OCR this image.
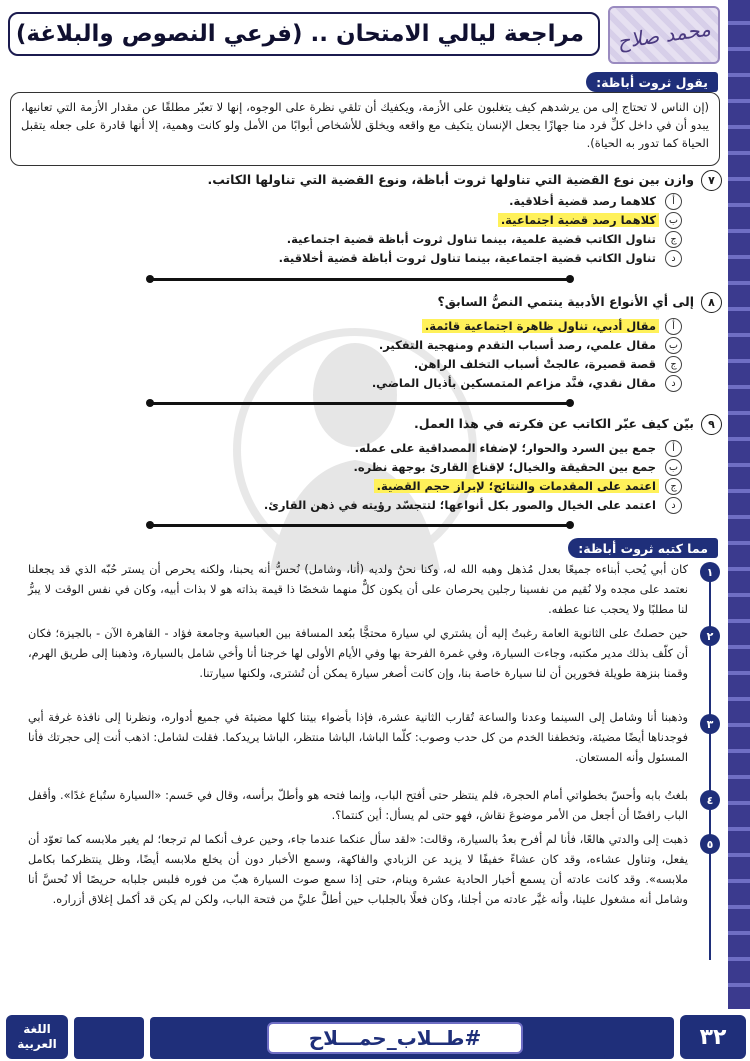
مراجعة ليالي الامتحان .. (فرعي النصوص والبلاغة) محمد صلاح
يقول ثروت أباظة:
(إن الناس لا تحتاج إلى من يرشدهم كيف يتغلبون على الأزمة، ويكفيك أن تلقي نظرة على الوجوه، إنها لا تعبّر مطلقًا عن مقدار الأزمة التي تعانيها، يبدو أن في داخل كلِّ فرد منا جهازًا يجعل الإنسان يتكيف مع واقعه ويخلق للأشخاص أبوابًا من الأمل ولو كانت وهمية، إلا أنها قادرة على جعله يتقبل الحياة كما تدور به الحياة).
٧
وازن بين نوع القضية التي تناولها ثروت أباظة، ونوع القضية التي تناولها الكاتب.
أ
كلاهما رصد قضية أخلاقية.
ب
كلاهما رصد قضية اجتماعية.
ج
تناول الكاتب قضية علمية، بينما تناول ثروت أباظة قضية اجتماعية.
د
تناول الكاتب قضية اجتماعية، بينما تناول ثروت أباظة قضية أخلاقية.
٨
إلى أي الأنواع الأدبية ينتمي النصُّ السابق؟
أ
مقال أدبي، تناول ظاهرة اجتماعية قائمة.
ب
مقال علمي، رصد أسباب التقدم ومنهجية التفكير.
ج
قصة قصيرة، عالجتْ أسباب التخلف الراهن.
د
مقال نقدي، فنَّد مزاعم المتمسكين بأذيال الماضي.
٩
بيّن كيف عبّر الكاتب عن فكرته في هذا العمل.
أ
جمع بين السرد والحوار؛ لإضفاء المصداقية على عمله.
ب
جمع بين الحقيقة والخيال؛ لإقناع القارئ بوجهة نظره.
ج
اعتمد على المقدمات والنتائج؛ لإبراز حجم القضية.
د
اعتمد على الخيال والصور بكل أنواعها؛ لتتجسّد رؤيته في ذهن القارئ.
مما كتبه ثروت أباظة:
١
كان أبي يُحب أبناءه جميعًا بعدل مُذهل وهبه الله له، وكنا نحنُ ولديه (أنا، وشامل) نُحسُّ أنه يحبنا، ولكنه يحرص أن يستر حُبّه الذي قد يجعلنا نعتمد على مجده ولا نُقيم من نفسينا رجلين يحرصان على أن يكون كلٌّ منهما شخصًا ذا قيمة بذاته هو لا بذات أبيه، وكان في نفس الوقت لا يبرُّ لنا مطلبًا ولا يحجب عنا عطفه.
٢
حين حصلتُ على الثانوية العامة رغبتُ إليه أن يشتري لي سيارة محتجًّا ببُعد المسافة بين العباسية وجامعة فؤاد - القاهرة الآن - بالجيزة؛ فكان أن كلّف بذلك مدير مكتبه، وجاءت السيارة، وفي غمرة الفرحة بها وفي الأيام الأولى لها خرجنا أنا وأخي شامل بالسيارة، وذهبنا إلى طريق الهرم، وقمنا بنزهة طويلة فخورين أن لنا سيارة خاصة بنا، وإن كانت أصغر سيارة يمكن أن تُشترى، ولكنها سيارتنا.
٣
وذهبنا أنا وشامل إلى السينما وعدنا والساعة تُقارب الثانية عشرة، فإذا بأضواء بيتنا كلها مضيئة في جميع أدواره، ونظرنا إلى نافذة غرفة أبي فوجدناها أيضًا مضيئة، وتخطفنا الخدم من كل حدب وصوب: كلّما الباشا، الباشا منتظر، الباشا يريدكما. فقلت لشامل: اذهب أنت إلى حجرتك فأنا المسئول وأنه المستعان.
٤
بلغتُ بابه وأحسّ بخطواتي أمام الحجرة، فلم ينتظر حتى أفتح الباب، وإنما فتحه هو وأطلّ برأسه، وقال في حَسم: «السيارة ستُباع غدًا». وأقفل الباب رافضًا أن أجعل من الأمر موضوعَ نقاش، فهو حتى لم يسأل: أين كنتما؟.
٥
ذهبت إلى والدتي هالعًا، فأنا لم أفرح بعدُ بالسيارة، وقالت: «لقد سأل عنكما عندما جاء، وحين عرف أنكما لم ترجعا؛ لم يغير ملابسه كما تعوّد أن يفعل، وتناول عشاءه، وقد كان عشاءً خفيفًا لا يزيد عن الزبادي والفاكهة، وسمع الأخبار دون أن يخلع ملابسه أيضًا، وظل ينتظركما بكامل ملابسه». وقد كانت عادته أن يسمع أخبار الحادية عشرة وينام، حتى إذا سمع صوت السيارة هبّ من فوره فلبس جلبابه حريصًا ألا نُحسَّ أنا وشامل أنه مشغول علينا، وأنه غيَّر عادته من أجلنا، وكان فعلًا بالجلباب حين أطلَّ عليَّ من فتحة الباب، ولكن لم يكن قد أكمل إغلاق أزراره.
اللغة
العربية	#طــلاب_حمـــلاح	٣٢
